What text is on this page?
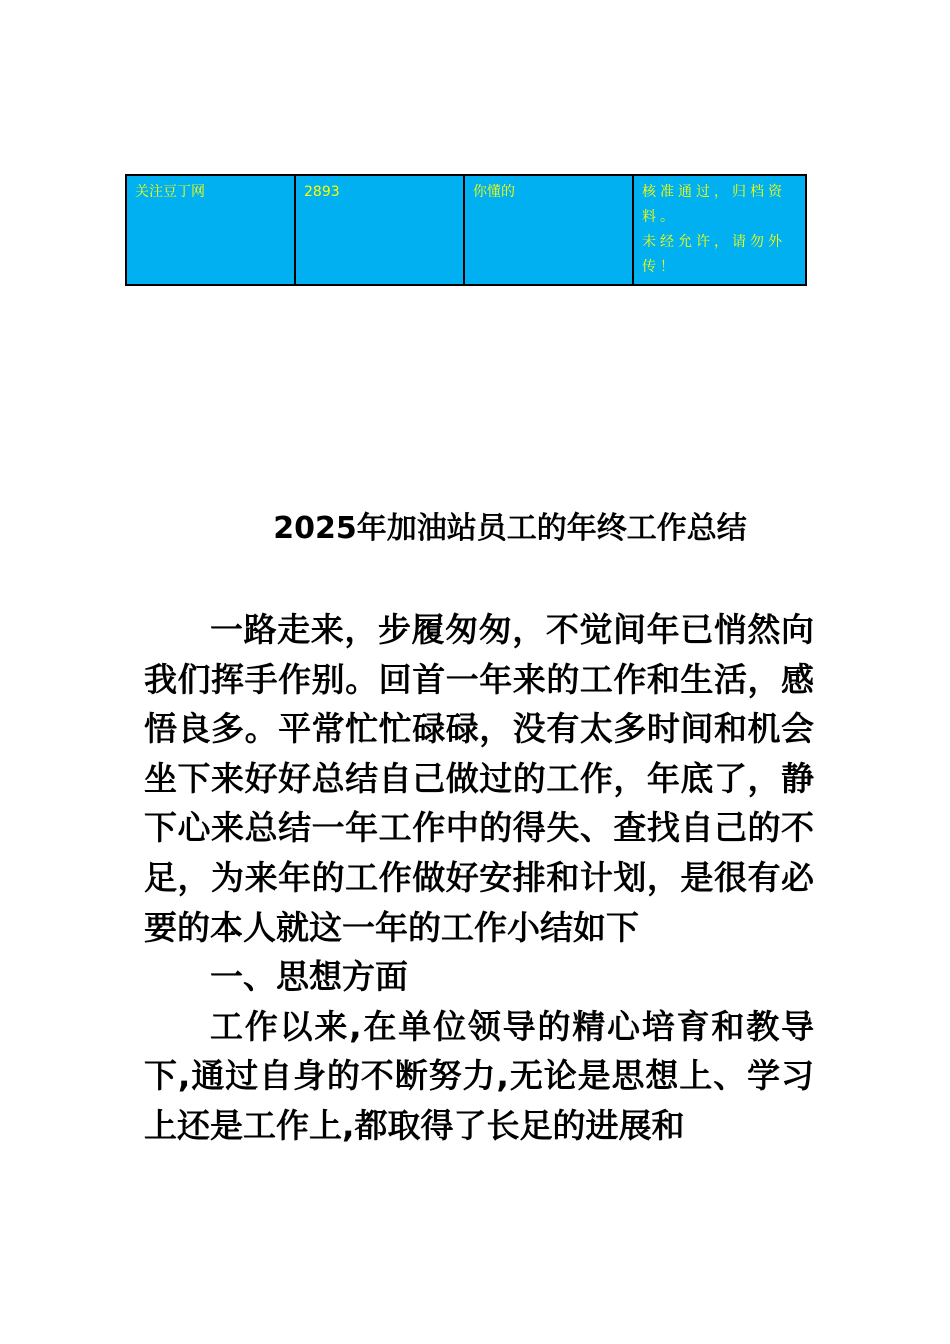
关注豆丁网	2893	你懂的	核准通过，归档资料。
未经允许，请勿外传！
2025年加油站员工的年终工作总结

一路走来，步履匆匆，不觉间年已悄然向我们挥手作别。回首一年来的工作和生活，感悟良多。平常忙忙碌碌，没有太多时间和机会坐下来好好总结自己做过的工作，年底了，静下心来总结一年工作中的得失、查找自己的不足，为来年的工作做好安排和计划，是很有必要的本人就这一年的工作小结如下

一、思想方面

工作以来,在单位领导的精心培育和教导下,通过自身的不断努力,无论是思想上、学习上还是工作上,都取得了长足的进展和
